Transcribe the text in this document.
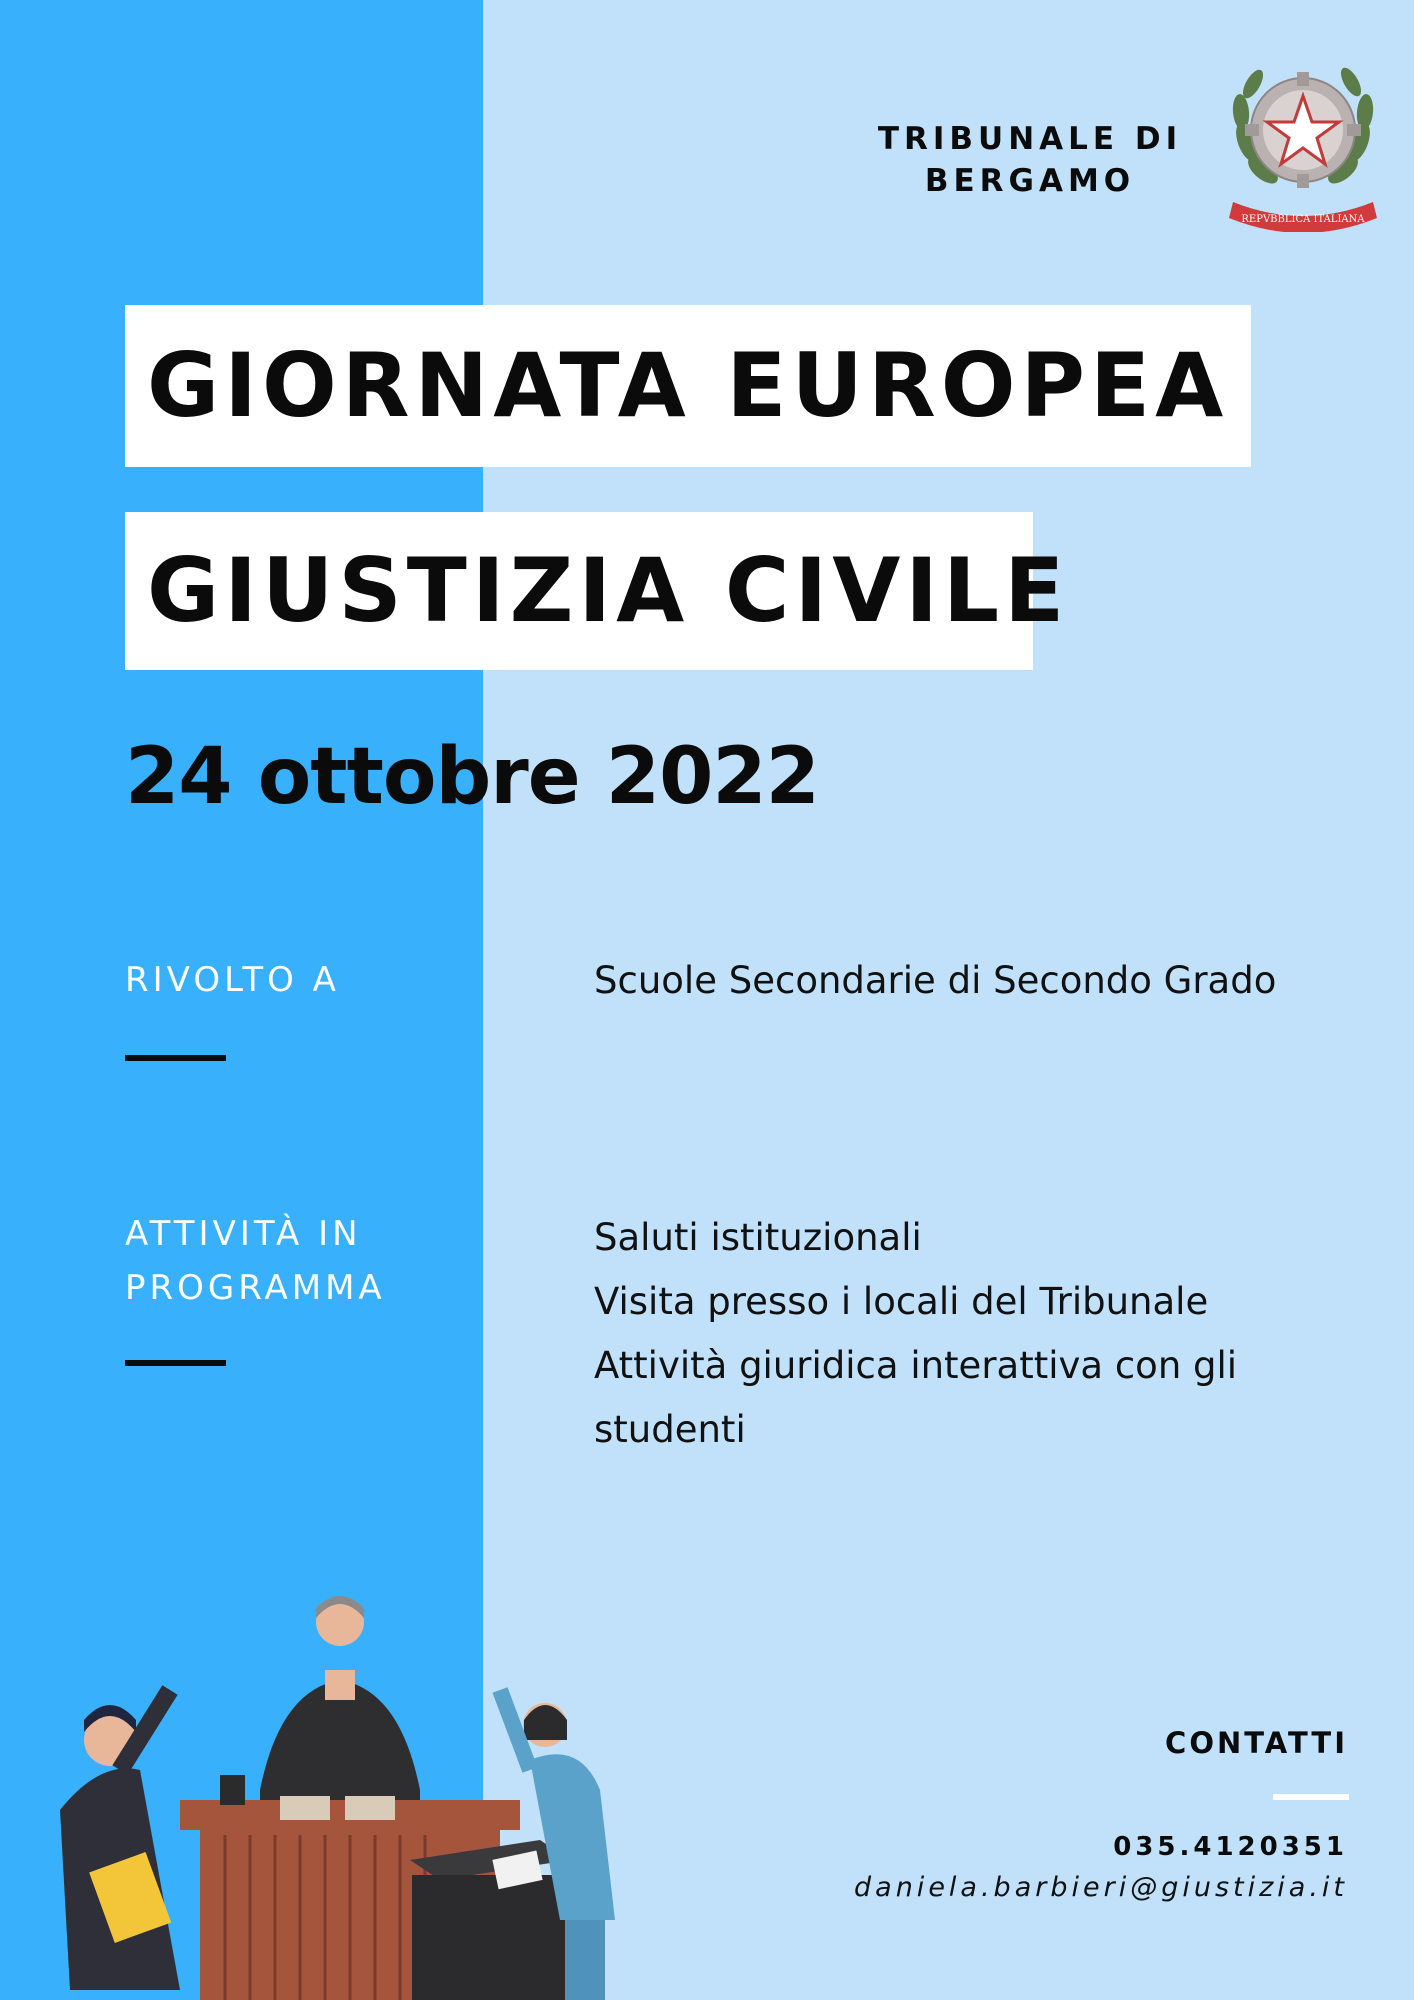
TRIBUNALE DI
BERGAMO
REPVBBLICA ITALIANA
GIORNATA EUROPEA
GIUSTIZIA CIVILE
24 ottobre 2022
RIVOLTO A	Scuole Secondarie di Secondo Grado
ATTIVITÀ IN
PROGRAMMA
Saluti istituzionali
Visita presso i locali del Tribunale
Attività giuridica interattiva con gli
studenti
CONTATTI
035.4120351
daniela.barbieri@giustizia.it
